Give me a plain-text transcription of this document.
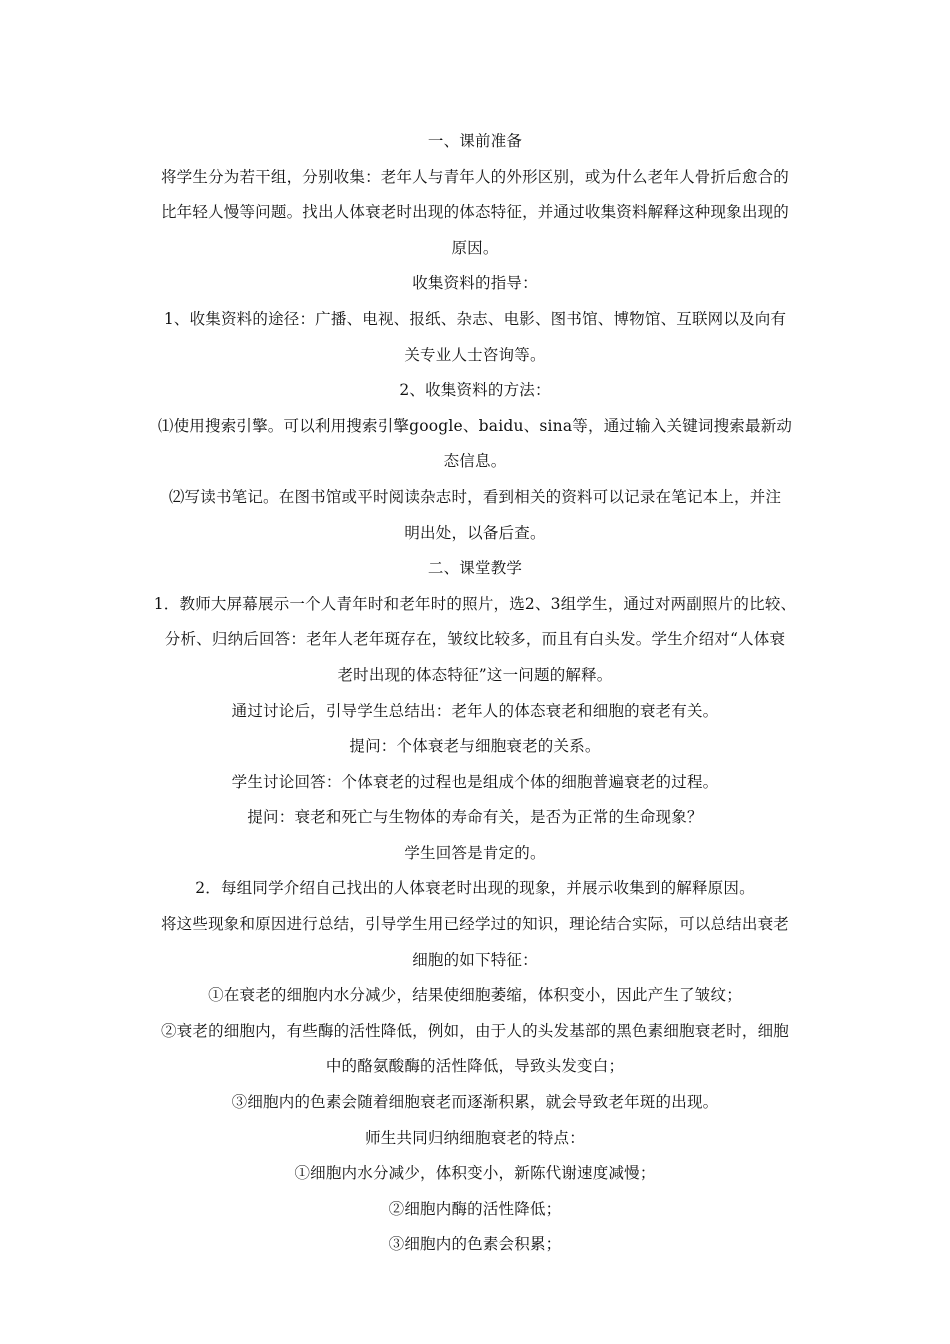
一、课前准备
将学生分为若干组，分别收集：老年人与青年人的外形区别，或为什么老年人骨折后愈合的
比年轻人慢等问题。找出人体衰老时出现的体态特征，并通过收集资料解释这种现象出现的
原因。
收集资料的指导：
1、收集资料的途径：广播、电视、报纸、杂志、电影、图书馆、博物馆、互联网以及向有
关专业人士咨询等。
2、收集资料的方法：
⑴使用搜索引擎。可以利用搜索引擎google、baidu、sina等，通过输入关键词搜索最新动
态信息。
⑵写读书笔记。在图书馆或平时阅读杂志时，看到相关的资料可以记录在笔记本上，并注
明出处，以备后查。
二、课堂教学
1．教师大屏幕展示一个人青年时和老年时的照片，选2、3组学生，通过对两副照片的比较、
分析、归纳后回答：老年人老年斑存在，皱纹比较多，而且有白头发。学生介绍对“人体衰
老时出现的体态特征”这一问题的解释。
通过讨论后，引导学生总结出：老年人的体态衰老和细胞的衰老有关。
提问：个体衰老与细胞衰老的关系。
学生讨论回答：个体衰老的过程也是组成个体的细胞普遍衰老的过程。
提问：衰老和死亡与生物体的寿命有关，是否为正常的生命现象？
学生回答是肯定的。
2．每组同学介绍自己找出的人体衰老时出现的现象，并展示收集到的解释原因。
将这些现象和原因进行总结，引导学生用已经学过的知识，理论结合实际，可以总结出衰老
细胞的如下特征：
①在衰老的细胞内水分减少，结果使细胞萎缩，体积变小，因此产生了皱纹；
②衰老的细胞内，有些酶的活性降低，例如，由于人的头发基部的黑色素细胞衰老时，细胞
中的酪氨酸酶的活性降低，导致头发变白；
③细胞内的色素会随着细胞衰老而逐渐积累，就会导致老年斑的出现。
师生共同归纳细胞衰老的特点：
①细胞内水分减少，体积变小，新陈代谢速度减慢；
②细胞内酶的活性降低；
③细胞内的色素会积累；
